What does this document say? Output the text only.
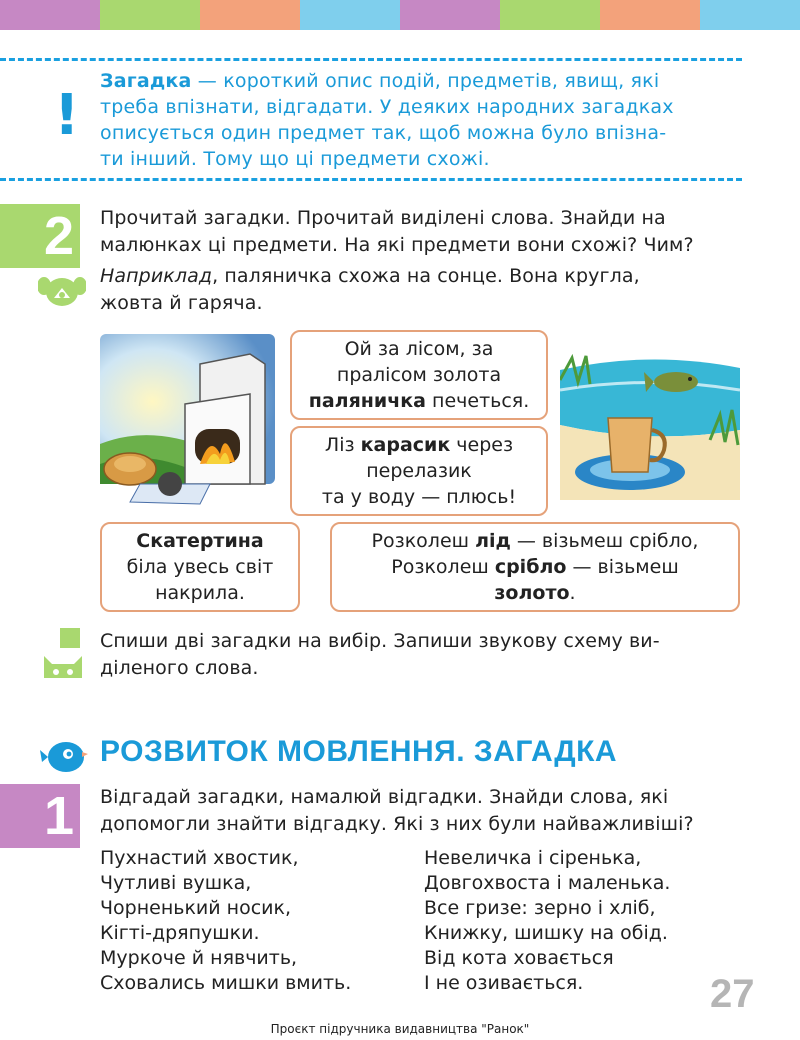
!
Загадка — короткий опис подій, предметів, явищ, які
треба впізнати, відгадати. У деяких народних загадках
описується один предмет так, щоб можна було впізна-
ти інший. Тому що ці предмети схожі.
2	Прочитай загадки. Прочитай виділені слова. Знайди на
малюнках ці предмети. На які предмети вони схожі? Чим?
Наприклад, паляничка схожа на сонце. Вона кругла,
жовта й гаряча.
Ой за лісом, за
пралісом золота
паляничка печеться.
Ліз карасик через
перелазик
та у воду — плюсь!
Скатертина
біла увесь світ
накрила.
Розколеш лід — візьмеш срібло,
Розколеш срібло — візьмеш
золото.
Спиши дві загадки на вибір. Запиши звукову схему ви-
діленого слова.
РОЗВИТОК МОВЛЕННЯ. ЗАГАДКА
1	Відгадай загадки, намалюй відгадки. Знайди слова, які
допомогли знайти відгадку. Які з них були найважливіші?
Пухнастий хвостик,
Чутливі вушка,
Чорненький носик,
Кігті-дряпушки.
Муркоче й нявчить,
Сховались мишки вмить.
Невеличка і сіренька,
Довгохвоста і маленька.
Все гризе: зерно і хліб,
Книжку, шишку на обід.
Від кота ховається
І не озивається.	27
Проєкт підручника видавництва "Ранок"
